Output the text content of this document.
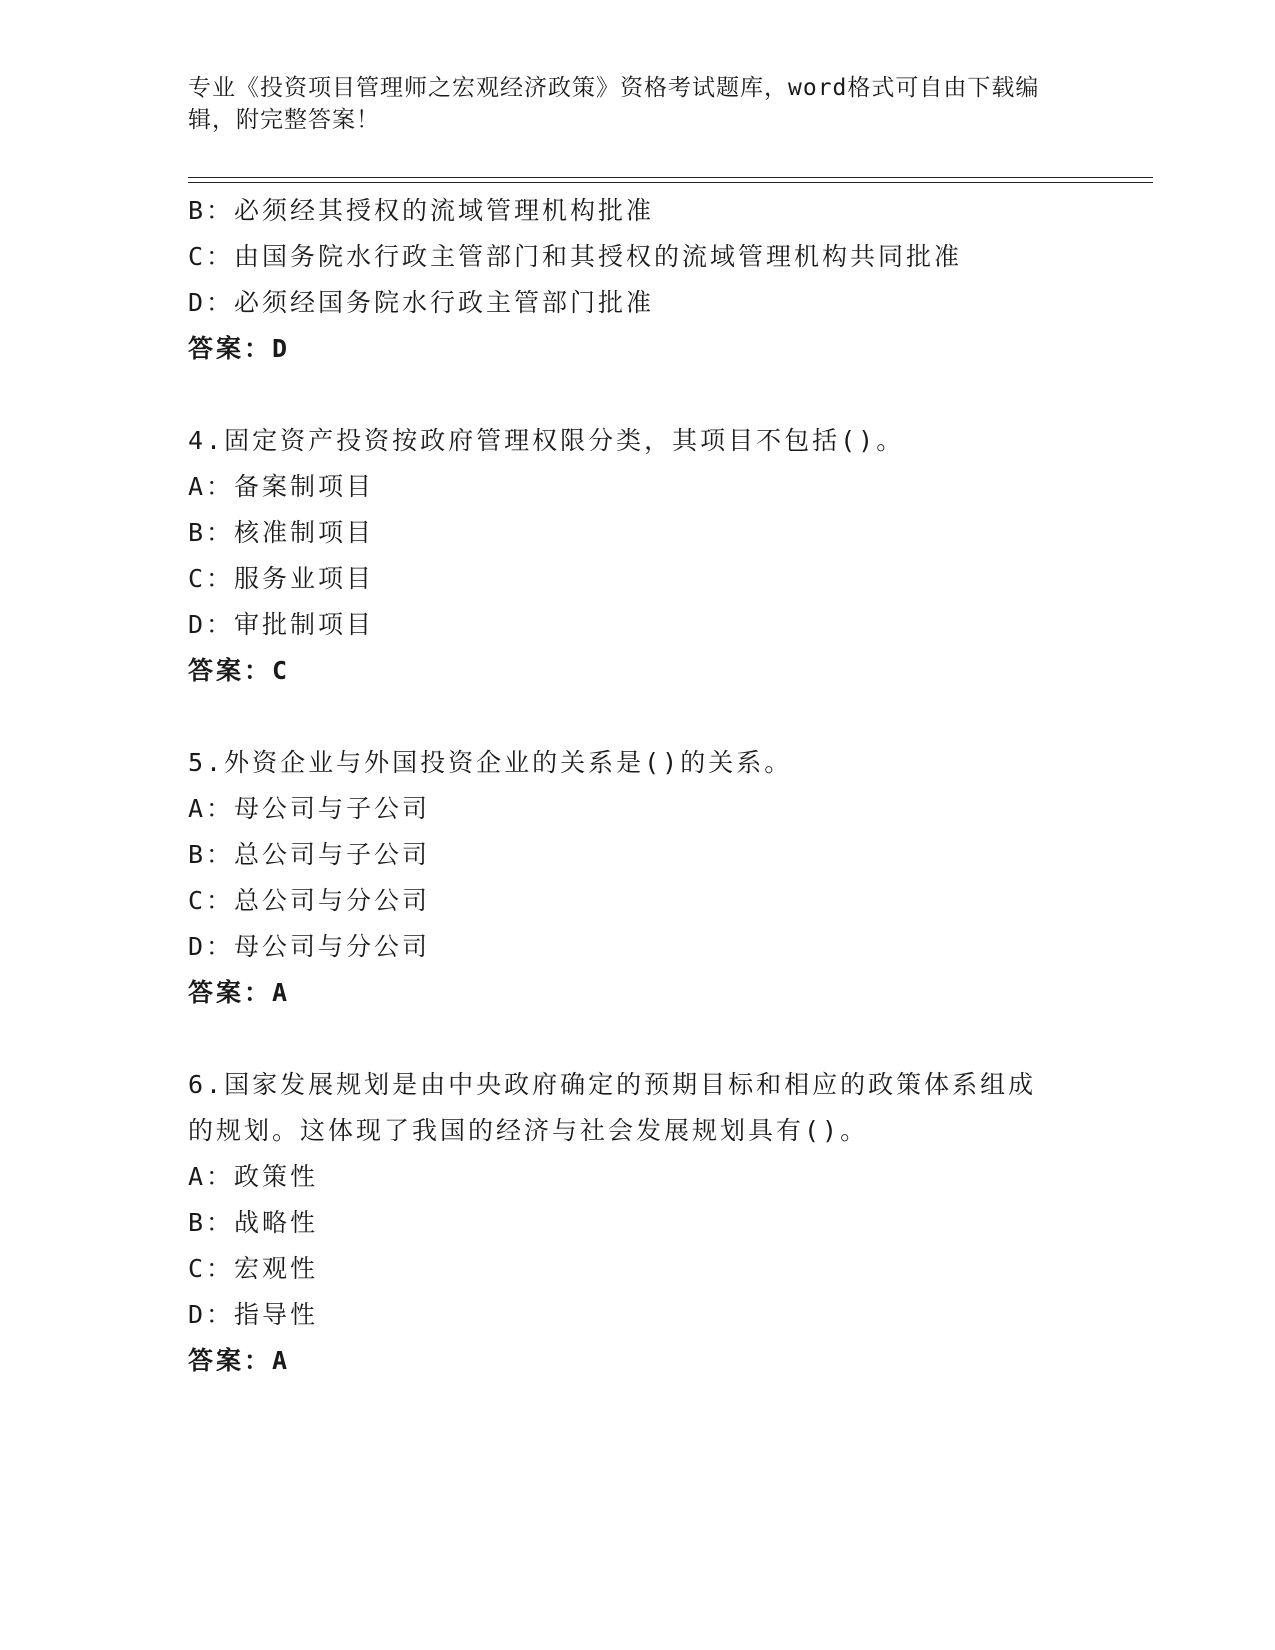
专业《投资项目管理师之宏观经济政策》资格考试题库，word格式可自由下载编
辑，附完整答案！
B：必须经其授权的流域管理机构批准
C：由国务院水行政主管部门和其授权的流域管理机构共同批准
D：必须经国务院水行政主管部门批准
答案：D
4.固定资产投资按政府管理权限分类，其项目不包括()。
A：备案制项目
B：核准制项目
C：服务业项目
D：审批制项目
答案：C
5.外资企业与外国投资企业的关系是()的关系。
A：母公司与子公司
B：总公司与子公司
C：总公司与分公司
D：母公司与分公司
答案：A
6.国家发展规划是由中央政府确定的预期目标和相应的政策体系组成
的规划。这体现了我国的经济与社会发展规划具有()。
A：政策性
B：战略性
C：宏观性
D：指导性
答案：A
